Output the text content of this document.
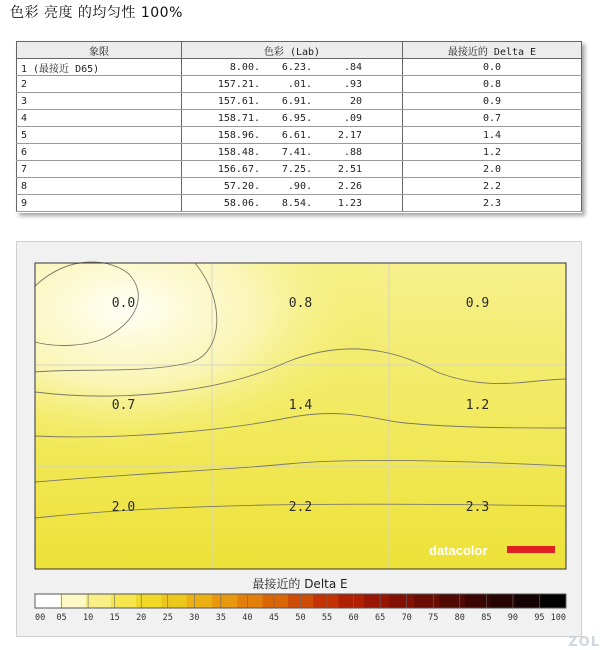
色彩 亮度 的均匀性 100%
象限	色彩 (Lab)	最接近的 Delta E
1 (最接近 D65)	8.00. 6.23. .84	0.0
2	157.21. .01. .93	0.8
3	157.61. 6.91. 20	0.9
4	158.71. 6.95. .09	0.7
5	158.96. 6.61. 2.17	1.4
6	158.48. 7.41. .88	1.2
7	156.67. 7.25. 2.51	2.0
8	57.20. .90. 2.26	2.2
9	58.06. 8.54. 1.23	2.3
0.0	0.8	0.9
0.7	1.4	1.2
2.0	2.2	2.3
datacolor
00 05 10 15 20 25 30 35 40 45 50 55 60 65 70 75 80 85 90 95 100
最接近的 Delta E
ZOL
